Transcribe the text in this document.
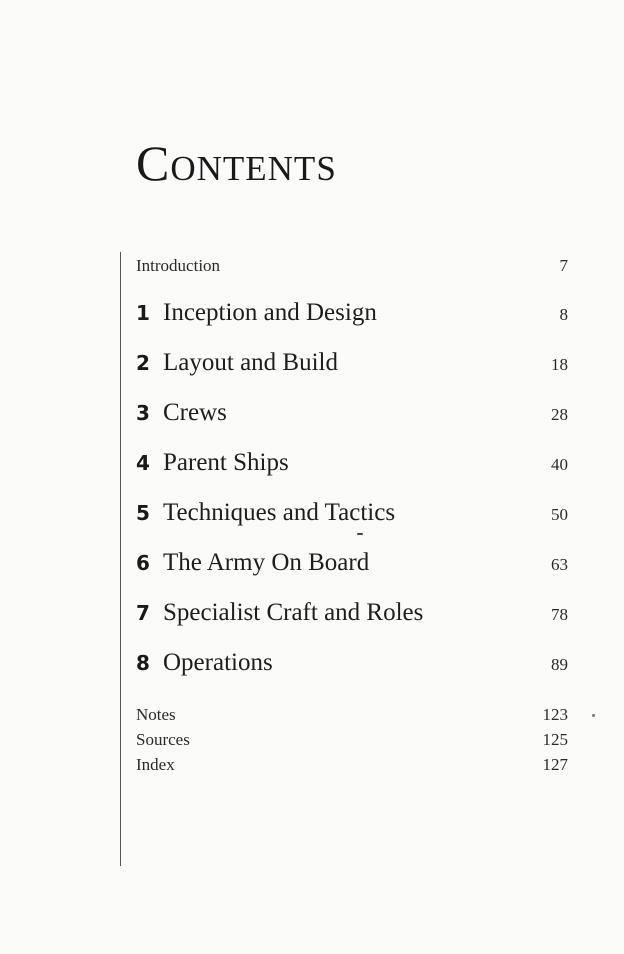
Contents
Introduction	7
1 Inception and Design	8
2 Layout and Build	18
3 Crews	28
4 Parent Ships	40
5 Techniques and Tactics	50
6 The Army On Board	63
7 Specialist Craft and Roles	78
8 Operations	89
Notes	123
Sources	125
Index	127
